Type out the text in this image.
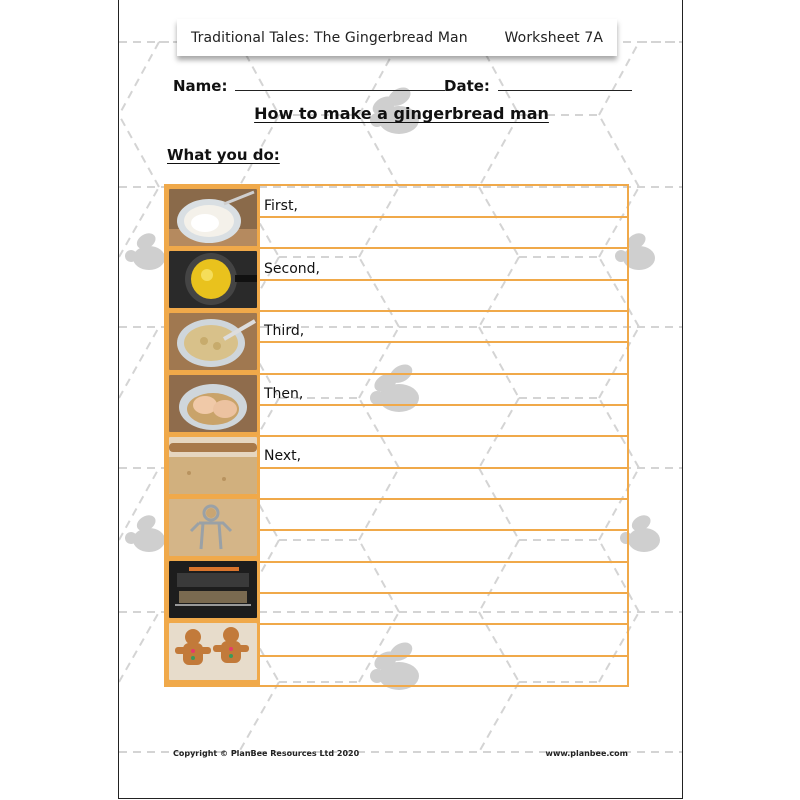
Traditional Tales: The Gingerbread Man	Worksheet 7A
Name:	Date:
How to make a gingerbread man
What you do:
First,
Second,
Third,
Then,
Next,
Copyright © PlanBee Resources Ltd 2020	www.planbee.com
